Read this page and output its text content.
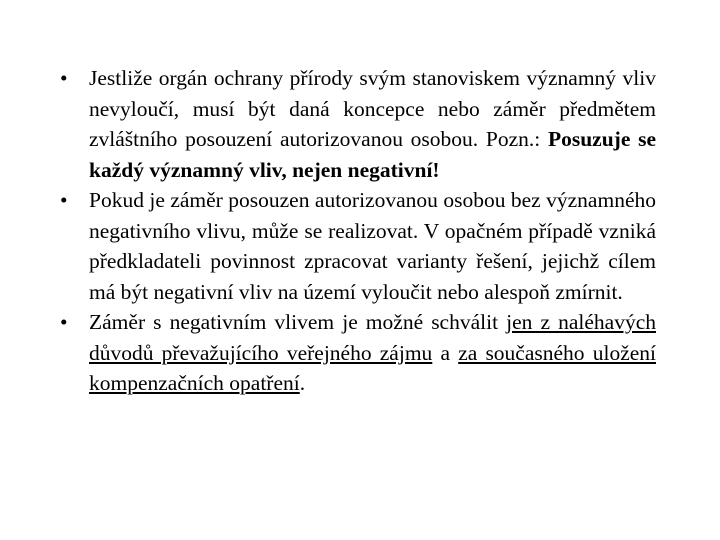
• Jestliže orgán ochrany přírody svým stanoviskem významný vliv nevyloučí, musí být daná koncepce nebo záměr předmětem zvláštního posouzení autorizovanou osobou. Pozn.: Posuzuje se každý významný vliv, nejen negativní!
• Pokud je záměr posouzen autorizovanou osobou bez významného negativního vlivu, může se realizovat. V opačném případě vzniká předkladateli povinnost zpracovat varianty řešení, jejichž cílem má být negativní vliv na území vyloučit nebo alespoň zmírnit.
• Záměr s negativním vlivem je možné schválit jen z naléhavých důvodů převažujícího veřejného zájmu a za současného uložení kompenzačních opatření.
